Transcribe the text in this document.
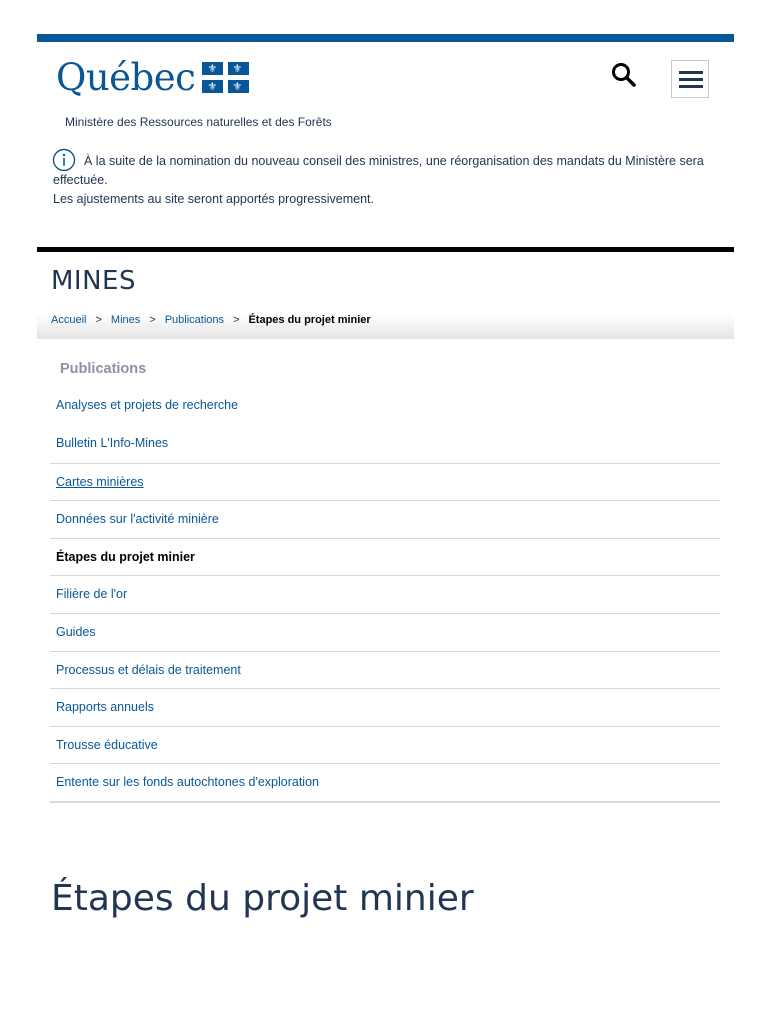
Québec ⚜ ⚜
⚜ ⚜
Ministère des Ressources naturelles et des Forêts

À la suite de la nomination du nouveau conseil des ministres, une réorganisation des mandats du Ministère sera effectuée.

Les ajustements au site seront apportés progressivement.

MINES
Accueil > Mines > Publications > Étapes du projet minier
Publications
Analyses et projets de recherche
Bulletin L'Info-Mines
Cartes minières
Données sur l'activité minière
Étapes du projet minier
Filière de l'or
Guides
Processus et délais de traitement
Rapports annuels
Trousse éducative
Entente sur les fonds autochtones d'exploration
Étapes du projet minier
